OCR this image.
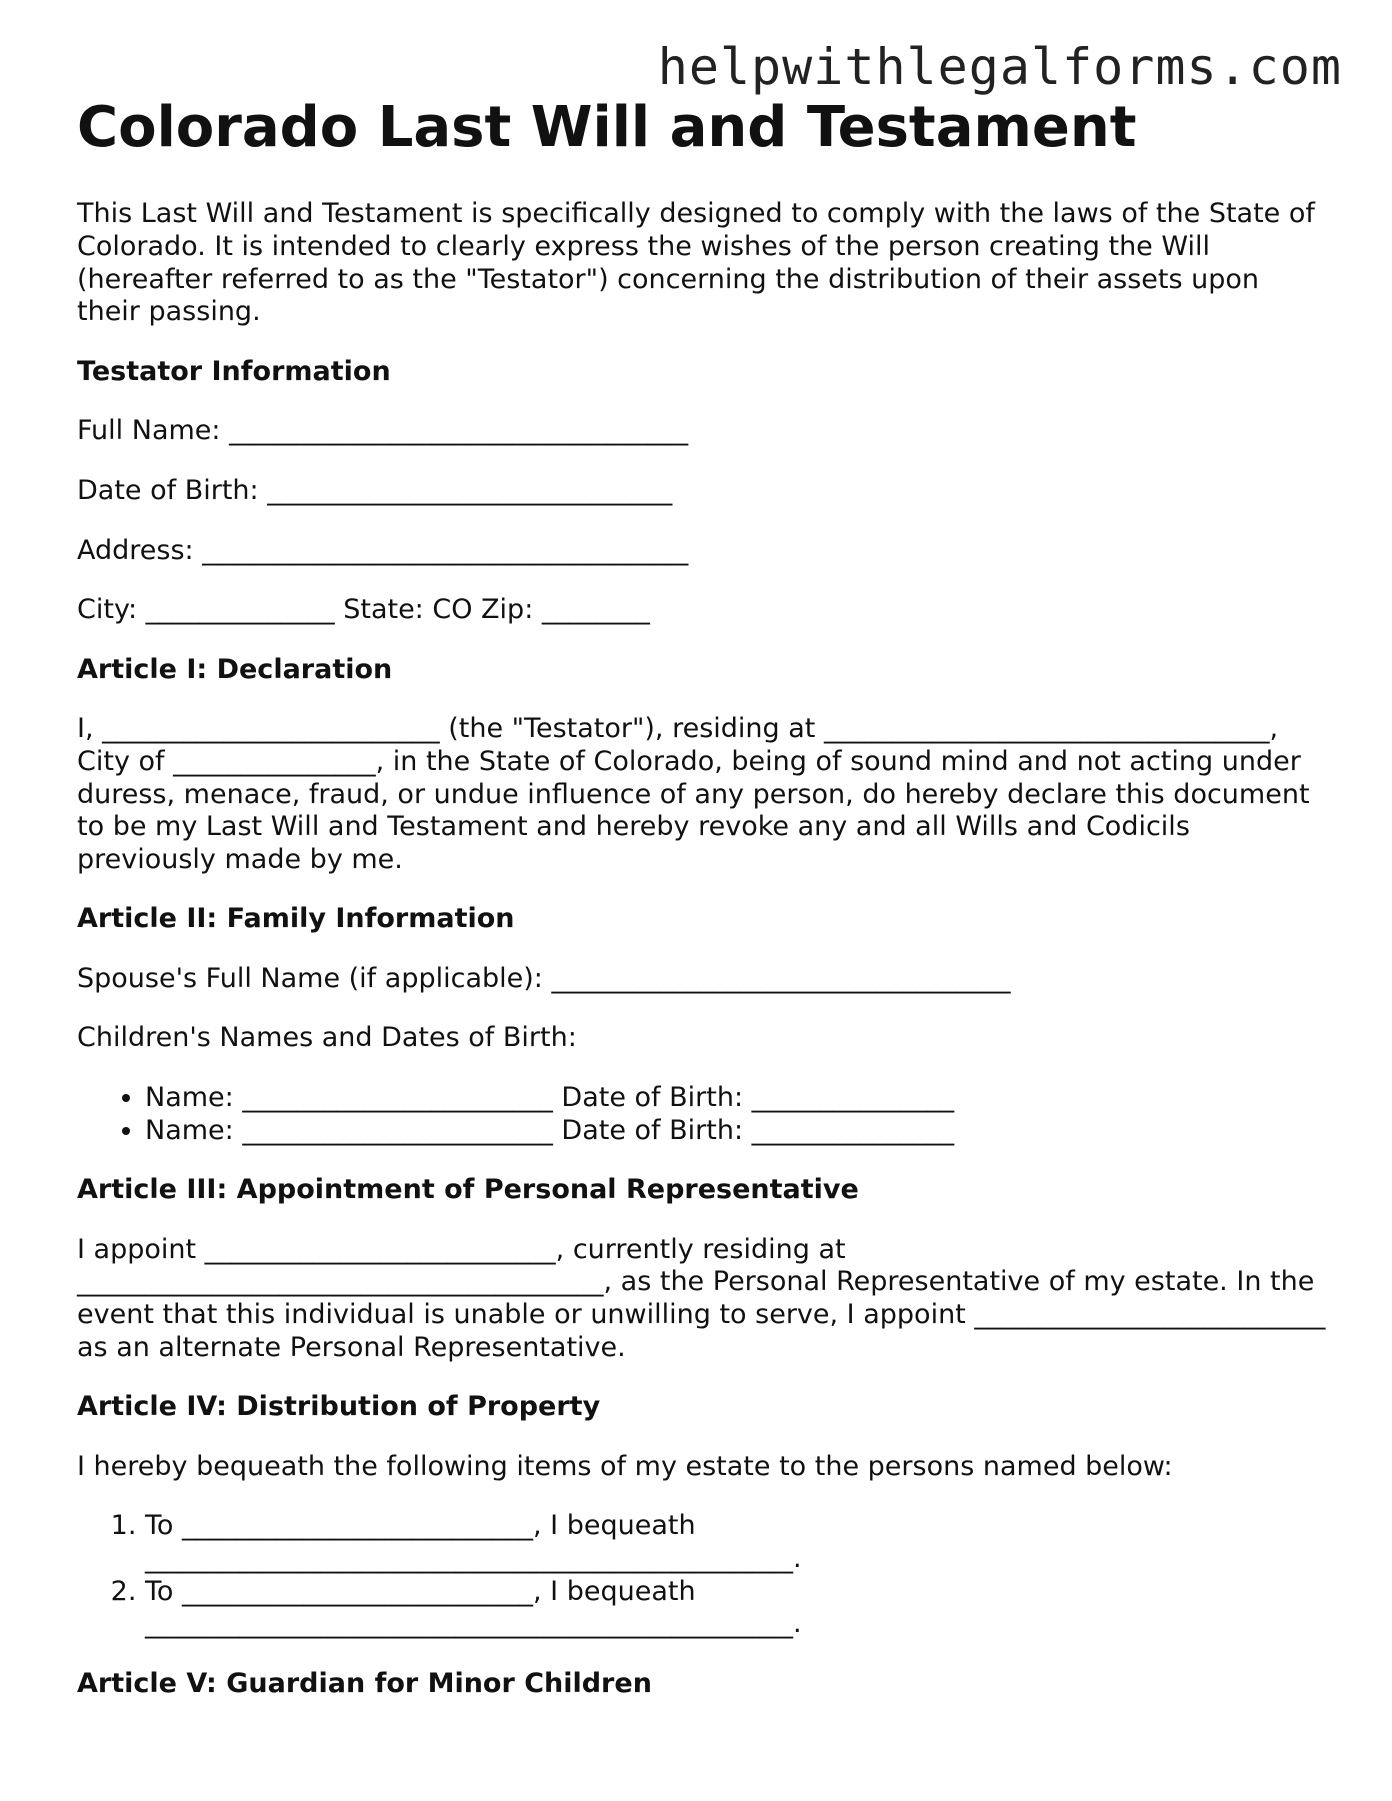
helpwithlegalforms.com
Colorado Last Will and Testament

This Last Will and Testament is specifically designed to comply with the laws of the State of Colorado. It is intended to clearly express the wishes of the person creating the Will (hereafter referred to as the "Testator") concerning the distribution of their assets upon their passing.

Testator Information

Full Name: __________________________________

Date of Birth: ______________________________

Address: ____________________________________

City: ______________ State: CO Zip: ________

Article I: Declaration

I, _________________________ (the "Testator"), residing at _________________________________, City of _______________, in the State of Colorado, being of sound mind and not acting under duress, menace, fraud, or undue influence of any person, do hereby declare this document to be my Last Will and Testament and hereby revoke any and all Wills and Codicils previously made by me.

Article II: Family Information

Spouse's Full Name (if applicable): __________________________________

Children's Names and Dates of Birth:

• Name: _______________________ Date of Birth: _______________
• Name: _______________________ Date of Birth: _______________
Article III: Appointment of Personal Representative

I appoint __________________________, currently residing at _______________________________________, as the Personal Representative of my estate. In the event that this individual is unable or unwilling to serve, I appoint __________________________ as an alternate Personal Representative.

Article IV: Distribution of Property

I hereby bequeath the following items of my estate to the persons named below:

1. To __________________________, I bequeath ________________________________________________.
2. To __________________________, I bequeath ________________________________________________.
Article V: Guardian for Minor Children
